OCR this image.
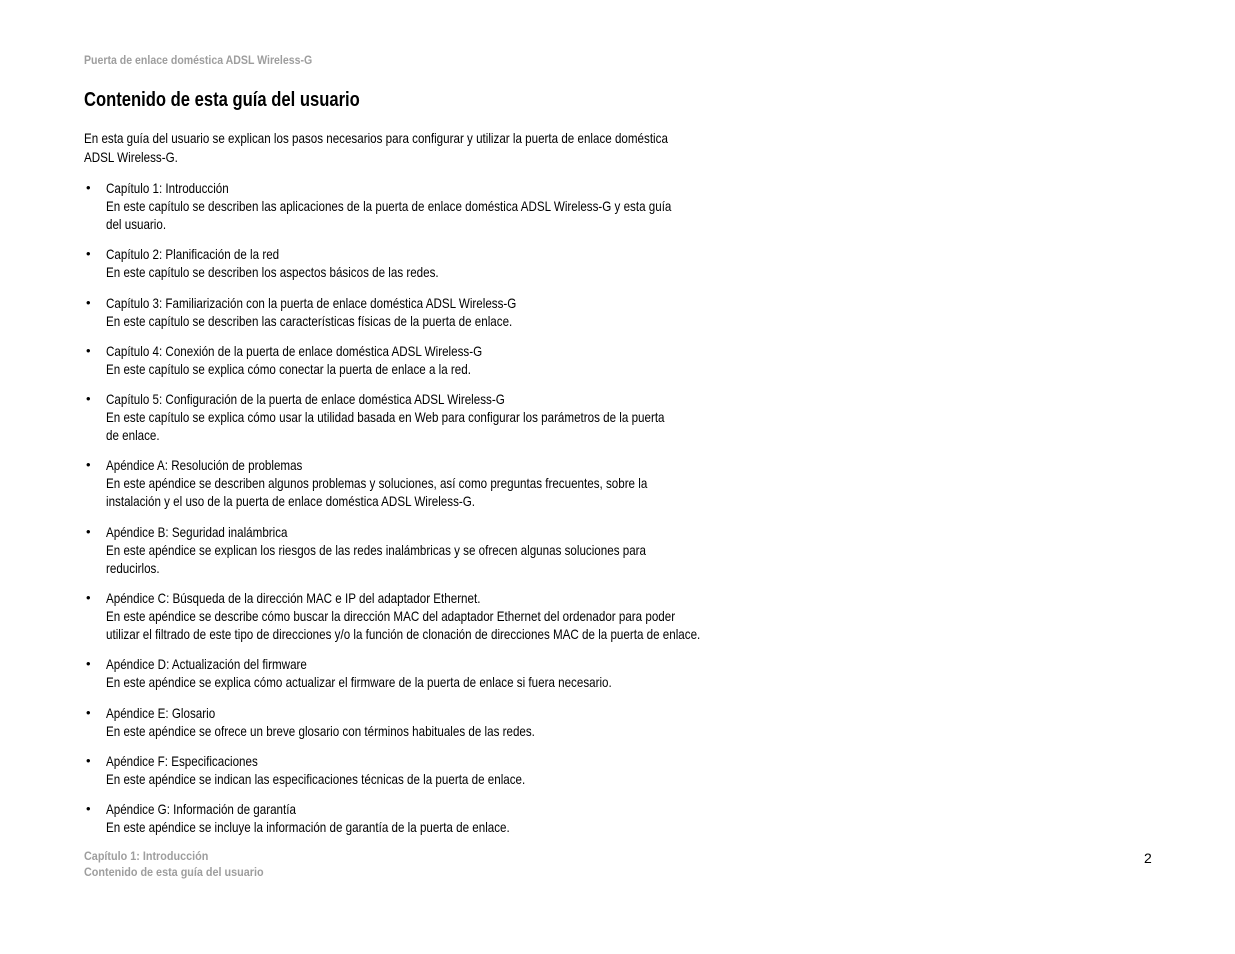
Puerta de enlace doméstica ADSL Wireless-G
Contenido de esta guía del usuario
En esta guía del usuario se explican los pasos necesarios para configurar y utilizar la puerta de enlace doméstica
ADSL Wireless-G.
• Capítulo 1: Introducción
En este capítulo se describen las aplicaciones de la puerta de enlace doméstica ADSL Wireless-G y esta guía
del usuario.
• Capítulo 2: Planificación de la red
En este capítulo se describen los aspectos básicos de las redes.
• Capítulo 3: Familiarización con la puerta de enlace doméstica ADSL Wireless-G
En este capítulo se describen las características físicas de la puerta de enlace.
• Capítulo 4: Conexión de la puerta de enlace doméstica ADSL Wireless-G
En este capítulo se explica cómo conectar la puerta de enlace a la red.
• Capítulo 5: Configuración de la puerta de enlace doméstica ADSL Wireless-G
En este capítulo se explica cómo usar la utilidad basada en Web para configurar los parámetros de la puerta
de enlace.
• Apéndice A: Resolución de problemas
En este apéndice se describen algunos problemas y soluciones, así como preguntas frecuentes, sobre la
instalación y el uso de la puerta de enlace doméstica ADSL Wireless-G.
• Apéndice B: Seguridad inalámbrica
En este apéndice se explican los riesgos de las redes inalámbricas y se ofrecen algunas soluciones para
reducirlos.
• Apéndice C: Búsqueda de la dirección MAC e IP del adaptador Ethernet.
En este apéndice se describe cómo buscar la dirección MAC del adaptador Ethernet del ordenador para poder
utilizar el filtrado de este tipo de direcciones y/o la función de clonación de direcciones MAC de la puerta de enlace.
• Apéndice D: Actualización del firmware
En este apéndice se explica cómo actualizar el firmware de la puerta de enlace si fuera necesario.
• Apéndice E: Glosario
En este apéndice se ofrece un breve glosario con términos habituales de las redes.
• Apéndice F: Especificaciones
En este apéndice se indican las especificaciones técnicas de la puerta de enlace.
• Apéndice G: Información de garantía
En este apéndice se incluye la información de garantía de la puerta de enlace.
Capítulo 1: Introducción
Contenido de esta guía del usuario
2
